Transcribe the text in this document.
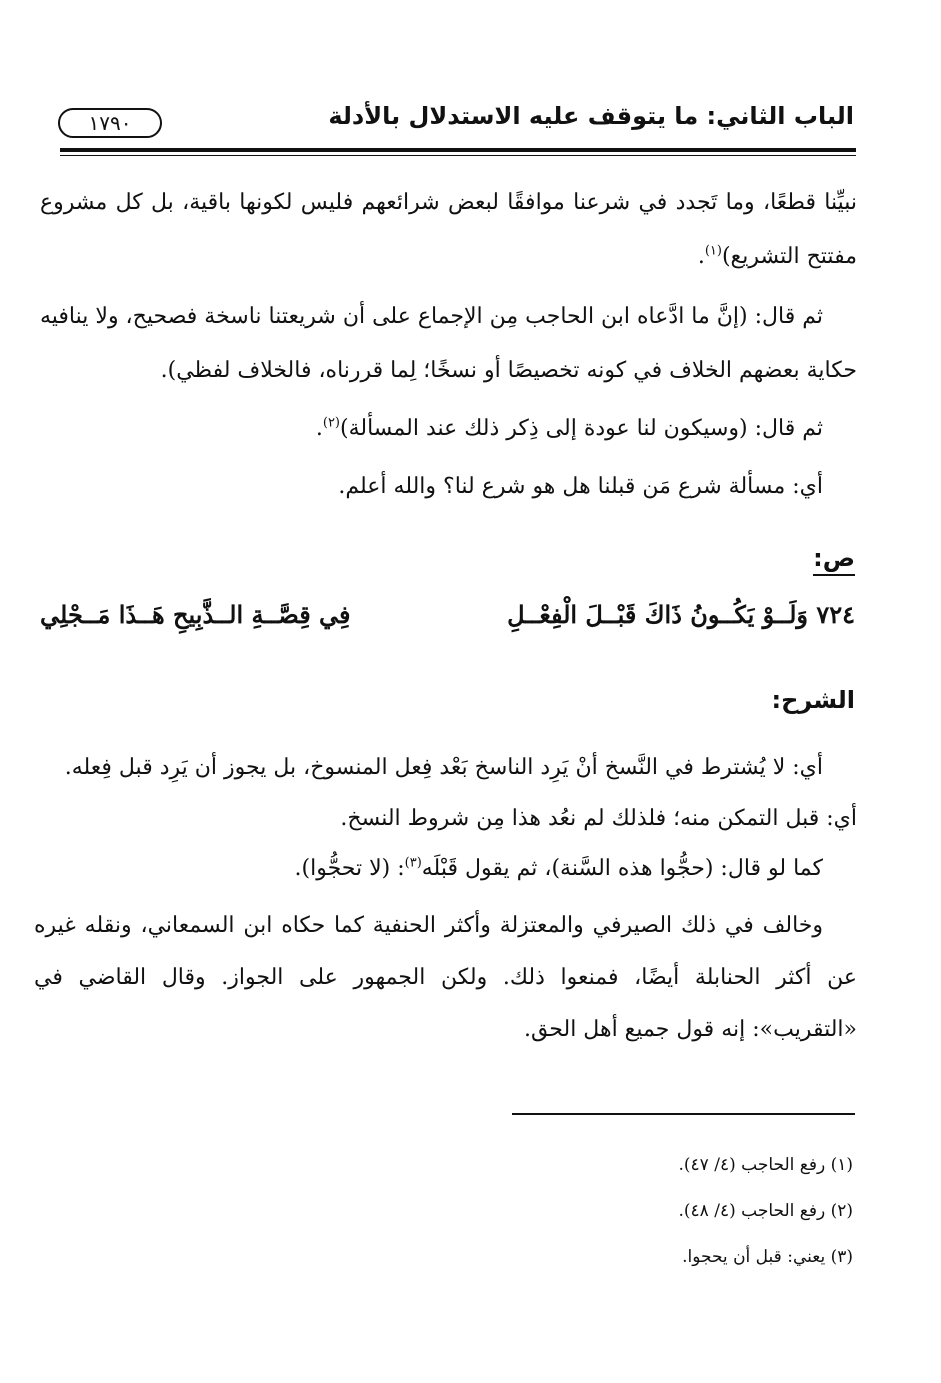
الباب الثاني: ما يتوقف عليه الاستدلال بالأدلة
١٧٩٠

نبيِّنا قطعًا، وما تَجدد في شرعنا موافقًا لبعض شرائعهم فليس لكونها باقية، بل كل مشروع مفتتح التشريع)$^{(١)}$.

ثم قال: (إنَّ ما ادَّعاه ابن الحاجب مِن الإجماع على أن شريعتنا ناسخة فصحيح، ولا ينافيه حكاية بعضهم الخلاف في كونه تخصيصًا أو نسخًا؛ لِما قررناه، فالخلاف لفظي).

ثم قال: (وسيكون لنا عودة إلى ذِكر ذلك عند المسألة)$^{(٢)}$.

أي: مسألة شرع مَن قبلنا هل هو شرع لنا؟ والله أعلم.

ص:
٧٢٤ وَلَــوْ يَكُــونُ ذَاكَ قَبْــلَ الْفِعْــلِ
فِي قِصَّــةِ الــذَّبِيحِ هَــذَا مَــجْلِي
الشرح:

أي: لا يُشترط في النَّسخ أنْ يَرِد الناسخ بَعْد فِعل المنسوخ، بل يجوز أن يَرِد قبل فِعله.

أي: قبل التمكن منه؛ فلذلك لم نعُد هذا مِن شروط النسخ.

كما لو قال: (حجُّوا هذه السَّنة)، ثم يقول قَبْلَه$^{(٣)}$: (لا تحجُّوا).

وخالف في ذلك الصيرفي والمعتزلة وأكثر الحنفية كما حكاه ابن السمعاني، ونقله غيره عن أكثر الحنابلة أيضًا، فمنعوا ذلك. ولكن الجمهور على الجواز. وقال القاضي في «التقريب»: إنه قول جميع أهل الحق.

(١) رفع الحاجب (٤/ ٤٧).
(٢) رفع الحاجب (٤/ ٤٨).
(٣) يعني: قبل أن يحجوا.
